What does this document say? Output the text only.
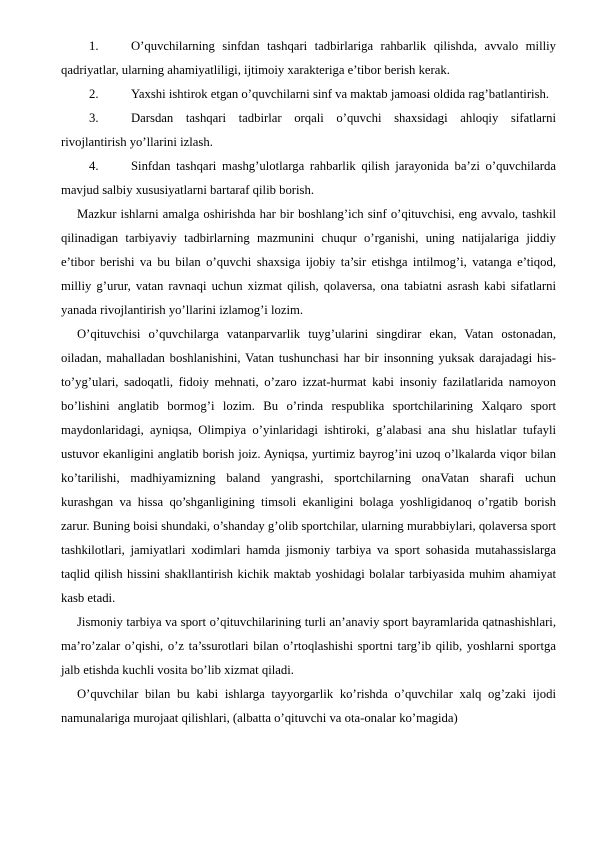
1.	O’quvchilarning sinfdan tashqari tadbirlariga rahbarlik qilishda, avvalo milliy qadriyatlar, ularning ahamiyatliligi, ijtimoiy xarakteriga e’tibor berish kerak.

2.	Yaxshi ishtirok etgan o’quvchilarni sinf va maktab jamoasi oldida rag’batlantirish.

3.	Darsdan tashqari tadbirlar orqali o’quvchi shaxsidagi ahloqiy sifatlarni rivojlantirish yo’llarini izlash.

4.	Sinfdan tashqari mashg’ulotlarga rahbarlik qilish jarayonida ba’zi o’quvchilarda mavjud salbiy xususiyatlarni bartaraf qilib borish.

Mazkur ishlarni amalga oshirishda har bir boshlang’ich sinf o’qituvchisi, eng avvalo, tashkil qilinadigan tarbiyaviy tadbirlarning mazmunini chuqur o’rganishi, uning natijalariga jiddiy e’tibor berishi va bu bilan o’quvchi shaxsiga ijobiy ta’sir etishga intilmog’i, vatanga e’tiqod, milliy g’urur, vatan ravnaqi uchun xizmat qilish, qolaversa, ona tabiatni asrash kabi sifatlarni yanada rivojlantirish yo’llarini izlamog’i lozim.

O’qituvchisi o’quvchilarga vatanparvarlik tuyg’ularini singdirar ekan, Vatan ostonadan, oiladan, mahalladan boshlanishini, Vatan tushunchasi har bir insonning yuksak darajadagi his-to’yg’ulari, sadoqatli, fidoiy mehnati, o’zaro izzat-hurmat kabi insoniy fazilatlarida namoyon bo’lishini anglatib bormog’i lozim. Bu o’rinda respublika sportchilarining Xalqaro sport maydonlaridagi, ayniqsa, Olimpiya o’yinlaridagi ishtiroki, g’alabasi ana shu hislatlar tufayli ustuvor ekanligini anglatib borish joiz. Ayniqsa, yurtimiz bayrog’ini uzoq o’lkalarda viqor bilan ko’tarilishi, madhiyamizning baland yangrashi, sportchilarning onaVatan sharafi uchun kurashgan va hissa qo’shganligining timsoli ekanligini bolaga yoshligidanoq o’rgatib borish zarur. Buning boisi shundaki, o’shanday g’olib sportchilar, ularning murabbiylari, qolaversa sport tashkilotlari, jamiyatlari xodimlari hamda jismoniy tarbiya va sport sohasida mutahassislarga taqlid qilish hissini shakllantirish kichik maktab yoshidagi bolalar tarbiyasida muhim ahamiyat kasb etadi.

Jismoniy tarbiya va sport o’qituvchilarining turli an’anaviy sport bayramlarida qatnashishlari, ma’ro’zalar o’qishi, o’z ta’ssurotlari bilan o’rtoqlashishi sportni targ’ib qilib, yoshlarni sportga jalb etishda kuchli vosita bo’lib xizmat qiladi.

O’quvchilar bilan bu kabi ishlarga tayyorgarlik ko’rishda o’quvchilar xalq og’zaki ijodi namunalariga murojaat qilishlari, (albatta o’qituvchi va ota-onalar ko’magida)
